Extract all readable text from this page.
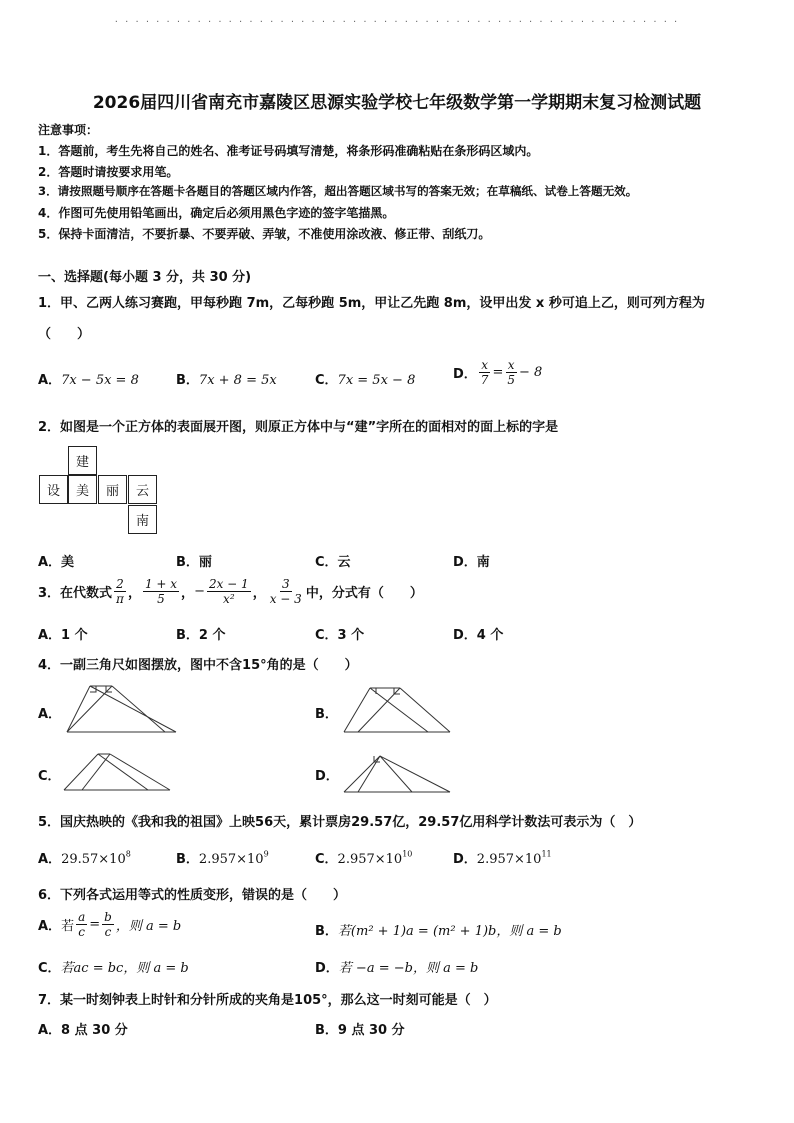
. . . . . . . . . . . . . . . . . . . . . . . . . . . . . . . . . . . . . . . . . . . . . . . . . . . . . . .
2026届四川省南充市嘉陵区思源实验学校七年级数学第一学期期末复习检测试题
注意事项：
1．答题前，考生先将自己的姓名、准考证号码填写清楚，将条形码准确粘贴在条形码区域内。
2．答题时请按要求用笔。
3．请按照题号顺序在答题卡各题目的答题区域内作答，超出答题区域书写的答案无效；在草稿纸、试卷上答题无效。
4．作图可先使用铅笔画出，确定后必须用黑色字迹的签字笔描黑。
5．保持卡面清洁，不要折暴、不要弄破、弄皱，不准使用涂改液、修正带、刮纸刀。
一、选择题(每小题 3 分，共 30 分)
1．甲、乙两人练习赛跑，甲每秒跑 7m，乙每秒跑 5m，甲让乙先跑 8m，设甲出发 x 秒可追上乙，则可列方程为
（　　）
A．7x − 5x = 8	B．7x + 8 = 5x	C．7x = 5x − 8	D． $\frac{x}{7} = \frac{x}{5} - 8$
2．如图是一个正方体的表面展开图，则原正方体中与“建”字所在的面相对的面上标的字是
建
设	美	丽	云
南
A．美	B．丽	C．云	D．南
3．在代数式 $\frac{2}{\pi}$ ， $\frac{1 + x}{5}$ ， − $\frac{2x - 1}{\text{x²}}$ ， $\frac{3}{x - 3}$ 中，分式有（　　）
A．1 个	B．2 个	C．3 个	D．4 个
4．一副三角尺如图摆放，图中不含15°角的是（　　）
A．	B．
C．	D．
5．国庆热映的《我和我的祖国》上映56天，累计票房29.57亿，29.57亿用科学计数法可表示为（　）
A．$29.57\times 10^8$	B．$2.957\times 10^9$	C．$2.957\times 10^{10}$	D．$2.957\times 10^{11}$
6．下列各式运用等式的性质变形，错误的是（　　）
A． 若 $\frac{a}{c} = \frac{b}{c}$ ，则 a = b	B．若(m² + 1)a = (m² + 1)b，则 a = b
C．若ac = bc，则 a = b	D．若 −a = −b，则 a = b
7．某一时刻钟表上时针和分针所成的夹角是105°，那么这一时刻可能是（　）
A．8 点 30 分	B．9 点 30 分
